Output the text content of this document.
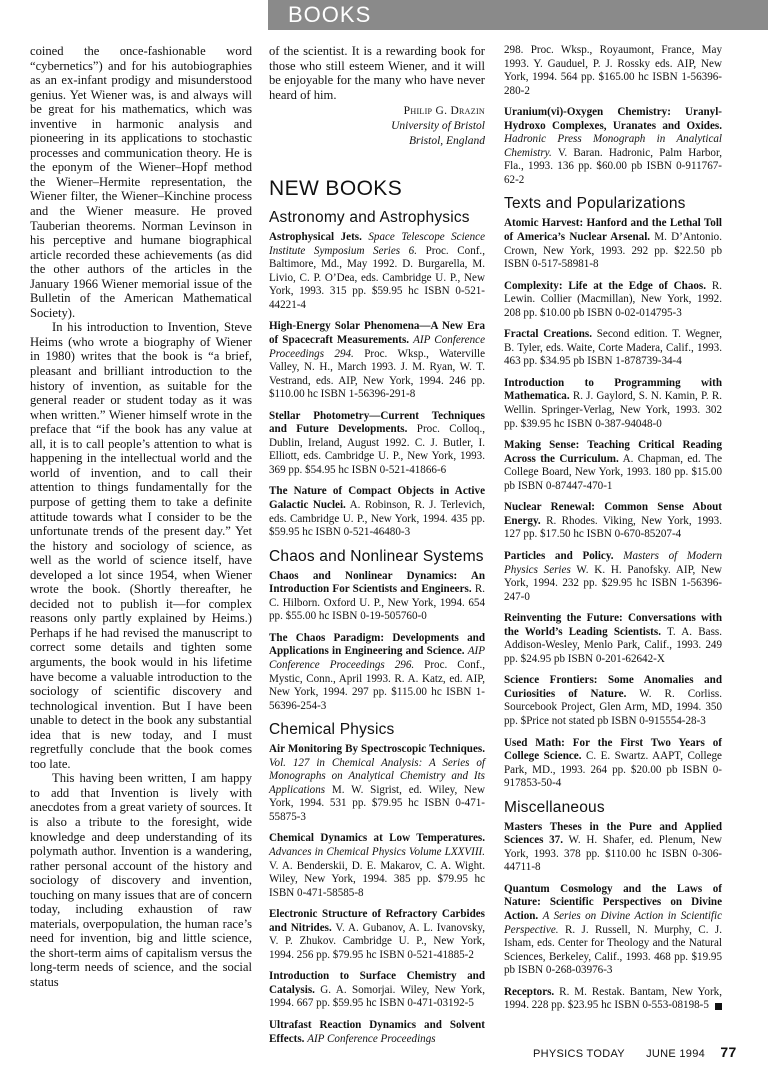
BOOKS

coined the once-fashionable word “cybernetics”) and for his autobiographies as an ex-infant prodigy and misunderstood genius. Yet Wiener was, is and always will be great for his mathematics, which was inventive in harmonic analysis and pioneering in its applications to stochastic processes and communication theory. He is the eponym of the Wiener–Hopf method the Wiener–Hermite representation, the Wiener filter, the Wiener–Kinchine process and the Wiener measure. He proved Tauberian theorems. Norman Levinson in his perceptive and humane biographical article recorded these achievements (as did the other authors of the articles in the January 1966 Wiener memorial issue of the Bulletin of the American Mathematical Society).

In his introduction to Invention, Steve Heims (who wrote a biography of Wiener in 1980) writes that the book is “a brief, pleasant and brilliant introduction to the history of invention, as suitable for the general reader or student today as it was when written.” Wiener himself wrote in the preface that “if the book has any value at all, it is to call people’s attention to what is happening in the intellectual world and the world of invention, and to call their attention to things fundamentally for the purpose of getting them to take a definite attitude towards what I consider to be the unfortunate trends of the present day.” Yet the history and sociology of science, as well as the world of science itself, have developed a lot since 1954, when Wiener wrote the book. (Shortly thereafter, he decided not to publish it—for complex reasons only partly explained by Heims.) Perhaps if he had revised the manuscript to correct some details and tighten some arguments, the book would in his lifetime have become a valuable introduction to the sociology of scientific discovery and technological invention. But I have been unable to detect in the book any substantial idea that is new today, and I must regretfully conclude that the book comes too late.

This having been written, I am happy to add that Invention is lively with anecdotes from a great variety of sources. It is also a tribute to the foresight, wide knowledge and deep understanding of its polymath author. Invention is a wandering, rather personal account of the history and sociology of discovery and invention, touching on many issues that are of concern today, including exhaustion of raw materials, overpopulation, the human race’s need for invention, big and little science, the short-term aims of capitalism versus the long-term needs of science, and the social status

of the scientist. It is a rewarding book for those who still esteem Wiener, and it will be enjoyable for the many who have never heard of him.

Philip G. Drazin
University of Bristol
Bristol, England
NEW BOOKS
Astronomy and Astrophysics

Astrophysical Jets. Space Telescope Science Institute Symposium Series 6. Proc. Conf., Baltimore, Md., May 1992. D. Burgarella, M. Livio, C. P. O’Dea, eds. Cambridge U. P., New York, 1993. 315 pp. $59.95 hc ISBN 0-521-44221-4

High-Energy Solar Phenomena—A New Era of Spacecraft Measurements. AIP Conference Proceedings 294. Proc. Wksp., Waterville Valley, N. H., March 1993. J. M. Ryan, W. T. Vestrand, eds. AIP, New York, 1994. 246 pp. $110.00 hc ISBN 1-56396-291-8

Stellar Photometry—Current Techniques and Future Developments. Proc. Colloq., Dublin, Ireland, August 1992. C. J. Butler, I. Elliott, eds. Cambridge U. P., New York, 1993. 369 pp. $54.95 hc ISBN 0-521-41866-6

The Nature of Compact Objects in Active Galactic Nuclei. A. Robinson, R. J. Terlevich, eds. Cambridge U. P., New York, 1994. 435 pp. $59.95 hc ISBN 0-521-46480-3

Chaos and Nonlinear Systems

Chaos and Nonlinear Dynamics: An Introduction For Scientists and Engineers. R. C. Hilborn. Oxford U. P., New York, 1994. 654 pp. $55.00 hc ISBN 0-19-505760-0

The Chaos Paradigm: Developments and Applications in Engineering and Science. AIP Conference Proceedings 296. Proc. Conf., Mystic, Conn., April 1993. R. A. Katz, ed. AIP, New York, 1994. 297 pp. $115.00 hc ISBN 1-56396-254-3

Chemical Physics

Air Monitoring By Spectroscopic Techniques. Vol. 127 in Chemical Analysis: A Series of Monographs on Analytical Chemistry and Its Applications M. W. Sigrist, ed. Wiley, New York, 1994. 531 pp. $79.95 hc ISBN 0-471-55875-3

Chemical Dynamics at Low Temperatures. Advances in Chemical Physics Volume LXXVIII. V. A. Benderskii, D. E. Makarov, C. A. Wight. Wiley, New York, 1994. 385 pp. $79.95 hc ISBN 0-471-58585-8

Electronic Structure of Refractory Carbides and Nitrides. V. A. Gubanov, A. L. Ivanovsky, V. P. Zhukov. Cambridge U. P., New York, 1994. 256 pp. $79.95 hc ISBN 0-521-41885-2

Introduction to Surface Chemistry and Catalysis. G. A. Somorjai. Wiley, New York, 1994. 667 pp. $59.95 hc ISBN 0-471-03192-5

Ultrafast Reaction Dynamics and Solvent Effects. AIP Conference Proceedings

298. Proc. Wksp., Royaumont, France, May 1993. Y. Gauduel, P. J. Rossky eds. AIP, New York, 1994. 564 pp. $165.00 hc ISBN 1-56396-280-2

Uranium(vi)-Oxygen Chemistry: Uranyl-Hydroxo Complexes, Uranates and Oxides. Hadronic Press Monograph in Analytical Chemistry. V. Baran. Hadronic, Palm Harbor, Fla., 1993. 136 pp. $60.00 pb ISBN 0-911767-62-2

Texts and Popularizations

Atomic Harvest: Hanford and the Lethal Toll of America’s Nuclear Arsenal. M. D’Antonio. Crown, New York, 1993. 292 pp. $22.50 pb ISBN 0-517-58981-8

Complexity: Life at the Edge of Chaos. R. Lewin. Collier (Macmillan), New York, 1992. 208 pp. $10.00 pb ISBN 0-02-014795-3

Fractal Creations. Second edition. T. Wegner, B. Tyler, eds. Waite, Corte Madera, Calif., 1993. 463 pp. $34.95 pb ISBN 1-878739-34-4

Introduction to Programming with Mathematica. R. J. Gaylord, S. N. Kamin, P. R. Wellin. Springer-Verlag, New York, 1993. 302 pp. $39.95 hc ISBN 0-387-94048-0

Making Sense: Teaching Critical Reading Across the Curriculum. A. Chapman, ed. The College Board, New York, 1993. 180 pp. $15.00 pb ISBN 0-87447-470-1

Nuclear Renewal: Common Sense About Energy. R. Rhodes. Viking, New York, 1993. 127 pp. $17.50 hc ISBN 0-670-85207-4

Particles and Policy. Masters of Modern Physics Series W. K. H. Panofsky. AIP, New York, 1994. 232 pp. $29.95 hc ISBN 1-56396-247-0

Reinventing the Future: Conversations with the World’s Leading Scientists. T. A. Bass. Addison-Wesley, Menlo Park, Calif., 1993. 249 pp. $24.95 pb ISBN 0-201-62642-X

Science Frontiers: Some Anomalies and Curiosities of Nature. W. R. Corliss. Sourcebook Project, Glen Arm, MD, 1994. 350 pp. $Price not stated pb ISBN 0-915554-28-3

Used Math: For the First Two Years of College Science. C. E. Swartz. AAPT, College Park, MD., 1993. 264 pp. $20.00 pb ISBN 0-917853-50-4

Miscellaneous

Masters Theses in the Pure and Applied Sciences 37. W. H. Shafer, ed. Plenum, New York, 1993. 378 pp. $110.00 hc ISBN 0-306-44711-8

Quantum Cosmology and the Laws of Nature: Scientific Perspectives on Divine Action. A Series on Divine Action in Scientific Perspective. R. J. Russell, N. Murphy, C. J. Isham, eds. Center for Theology and the Natural Sciences, Berkeley, Calif., 1993. 468 pp. $19.95 pb ISBN 0-268-03976-3

Receptors. R. M. Restak. Bantam, New York, 1994. 228 pp. $23.95 hc ISBN 0-553-08198-5

PHYSICS TODAY JUNE 1994 77
